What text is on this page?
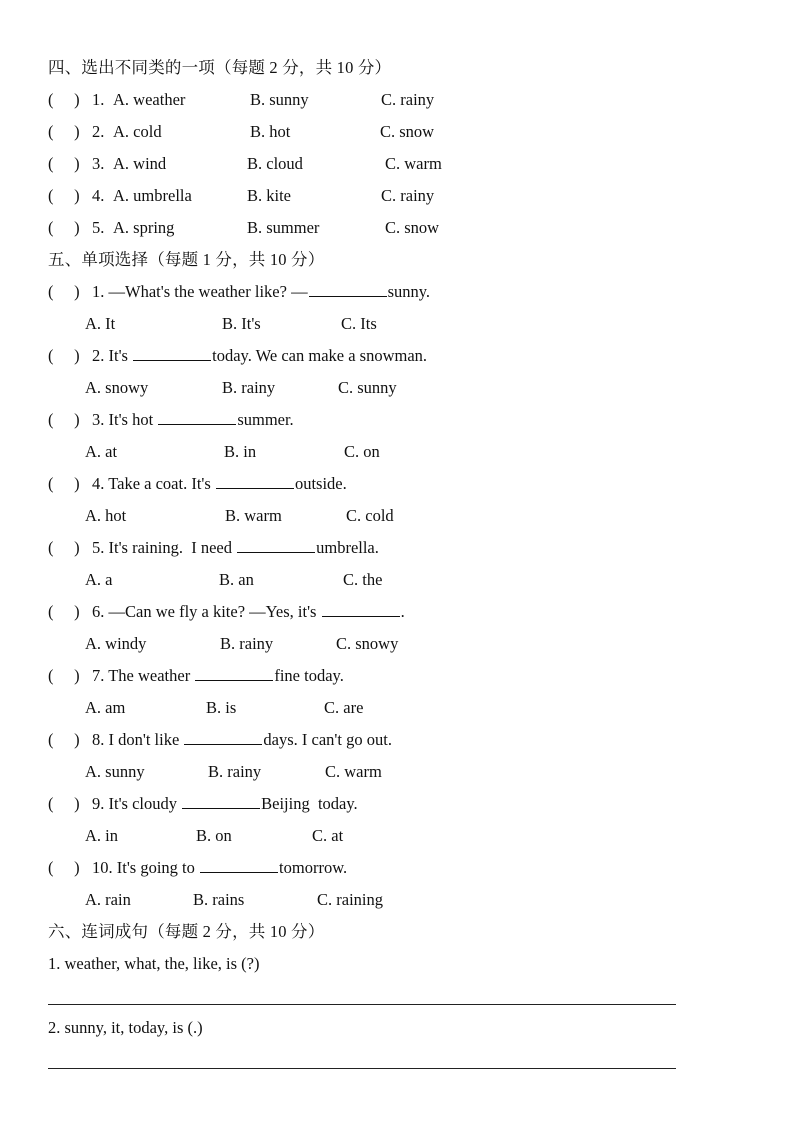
四、选出不同类的一项（每题 2 分，共 10 分）
(     ) 1. A. weather	B. sunny	C. rainy
(     ) 2. A. cold	B. hot	C. snow
(     ) 3. A. wind	B. cloud	C. warm
(     ) 4. A. umbrella	B. kite	C. rainy
(     ) 5. A. spring	B. summer	C. snow
五、单项选择（每题 1 分，共 10 分）
(     ) 1. —What's the weather like? —	sunny.
A. It	B. It's	C. Its
(     ) 2. It's	today. We can make a snowman.
A. snowy	B. rainy	C. sunny
(     ) 3. It's hot	summer.
A. at	B. in	C. on
(     ) 4. Take a coat. It's	outside.
A. hot	B. warm	C. cold
(     ) 5. It's raining.  I need	umbrella.
A. a	B. an	C. the
(     ) 6. —Can we fly a kite? —Yes, it's	.
A. windy	B. rainy	C. snowy
(     ) 7. The weather	fine today.
A. am	B. is	C. are
(     ) 8. I don't like	days. I can't go out.
A. sunny	B. rainy	C. warm
(     ) 9. It's cloudy	Beijing  today.
A. in	B. on	C. at
(     ) 10. It's going to	tomorrow.
A. rain	B. rains	C. raining
六、连词成句（每题 2 分，共 10 分）
1. weather, what, the, like, is (?)
2. sunny, it, today, is (.)
